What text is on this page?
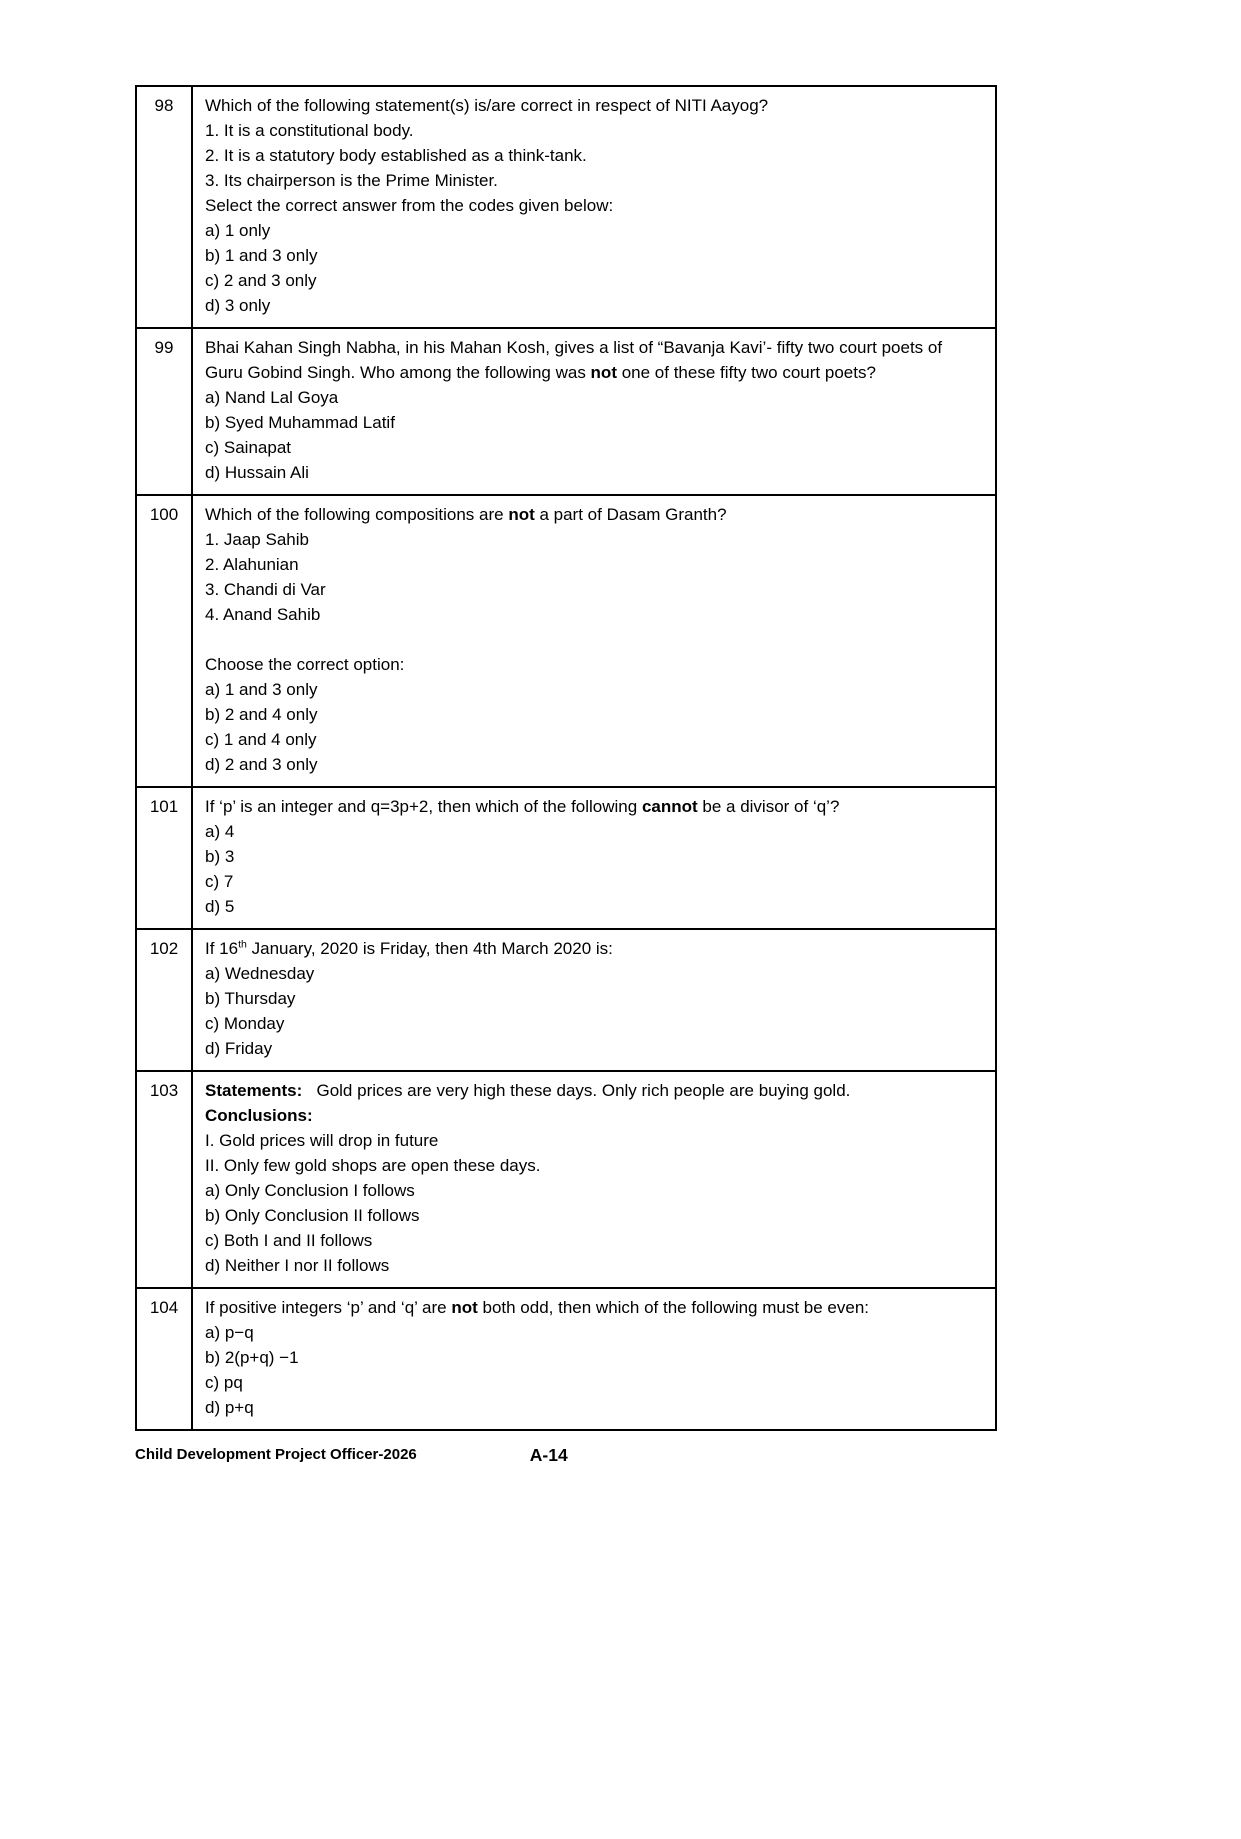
98	Which of the following statement(s) is/are correct in respect of NITI Aayog?
1. It is a constitutional body.
2. It is a statutory body established as a think-tank.
3. Its chairperson is the Prime Minister.
Select the correct answer from the codes given below:
a) 1 only
b) 1 and 3 only
c) 2 and 3 only
d) 3 only
99	Bhai Kahan Singh Nabha, in his Mahan Kosh, gives a list of “Bavanja Kavi’- fifty two court poets of Guru Gobind Singh. Who among the following was not one of these fifty two court poets?
a) Nand Lal Goya
b) Syed Muhammad Latif
c) Sainapat
d) Hussain Ali
100	Which of the following compositions are not a part of Dasam Granth?
1. Jaap Sahib
2. Alahunian
3. Chandi di Var
4. Anand Sahib

Choose the correct option:
a) 1 and 3 only
b) 2 and 4 only
c) 1 and 4 only
d) 2 and 3 only
101	If ‘p’ is an integer and q=3p+2, then which of the following cannot be a divisor of ‘q’?
a) 4
b) 3
c) 7
d) 5
102	If 16th January, 2020 is Friday, then 4th March 2020 is:
a) Wednesday
b) Thursday
c) Monday
d) Friday
103	Statements:   Gold prices are very high these days. Only rich people are buying gold.
Conclusions:
I. Gold prices will drop in future
II. Only few gold shops are open these days.
a) Only Conclusion I follows
b) Only Conclusion II follows
c) Both I and II follows
d) Neither I nor II follows
104	If positive integers ‘p’ and ‘q’ are not both odd, then which of the following must be even:
a) p−q
b) 2(p+q) −1
c) pq
d) p+q
Child Development Project Officer-2026	A-14
